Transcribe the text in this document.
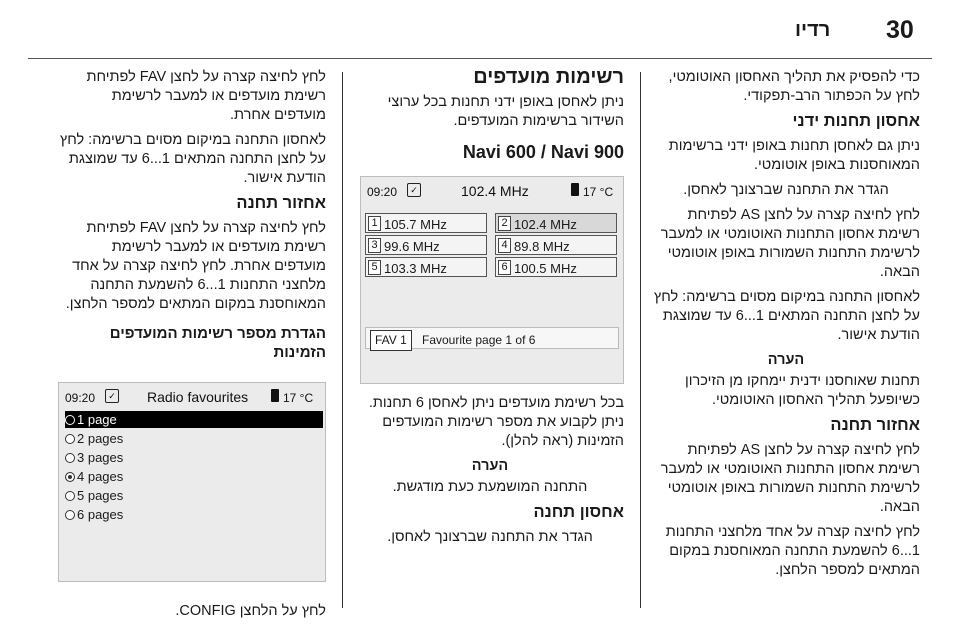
30
רדיו

כדי להפסיק את תהליך האחסון האוטומטי, לחץ על הכפתור הרב-תפקודי.

אחסון תחנות ידני

ניתן גם לאחסן תחנות באופן ידני ברשימות המאוחסנות באופן אוטומטי.

הגדר את התחנה שברצונך לאחסן.

לחץ לחיצה קצרה על לחצן AS לפתיחת רשימת אחסון התחנות האוטומטי או למעבר לרשימת התחנות השמורות באופן אוטומטי הבאה.

לאחסון התחנה במיקום מסוים ברשימה: לחץ על לחצן התחנה המתאים 1...6 עד שמוצגת הודעת אישור.

הערה

תחנות שאוחסנו ידנית יימחקו מן הזיכרון כשיופעל תהליך האחסון האוטומטי.

אחזור תחנה

לחץ לחיצה קצרה על לחצן AS לפתיחת רשימת אחסון התחנות האוטומטי או למעבר לרשימת התחנות השמורות באופן אוטומטי הבאה.

לחץ לחיצה קצרה על אחד מלחצני התחנות 1...6 להשמעת התחנה המאוחסנת במקום המתאים למספר הלחצן.

רשימות מועדפים

ניתן לאחסן באופן ידני תחנות בכל ערוצי השידור ברשימות המועדפים.

Navi 600 / Navi 900
09:20	✓	102.4 MHz	17 °C
1 105.7 MHz	2 102.4 MHz
3 99.6 MHz	4 89.8 MHz
5 103.3 MHz	6 100.5 MHz
FAV 1	Favourite page 1 of 6

בכל רשימת מועדפים ניתן לאחסן 6 תחנות. ניתן לקבוע את מספר רשימות המועדפים הזמינות (ראה להלן).

הערה

התחנה המושמעת כעת מודגשת.

אחסון תחנה

הגדר את התחנה שברצונך לאחסן.

לחץ לחיצה קצרה על לחצן FAV לפתיחת רשימת מועדפים או למעבר לרשימת מועדפים אחרת.

לאחסון התחנה במיקום מסוים ברשימה: לחץ על לחצן התחנה המתאים 1...6 עד שמוצגת הודעת אישור.

אחזור תחנה

לחץ לחיצה קצרה על לחצן FAV לפתיחת רשימת מועדפים או למעבר לרשימת מועדפים אחרת. לחץ לחיצה קצרה על אחד מלחצני התחנות 1...6 להשמעת התחנה המאוחסנת במקום המתאים למספר הלחצן.

הגדרת מספר רשימות המועדפים הזמינות
09:20	✓ Radio favourites	17 °C
1 page
2 pages
3 pages
4 pages
5 pages
6 pages

לחץ על הלחצן CONFIG.
